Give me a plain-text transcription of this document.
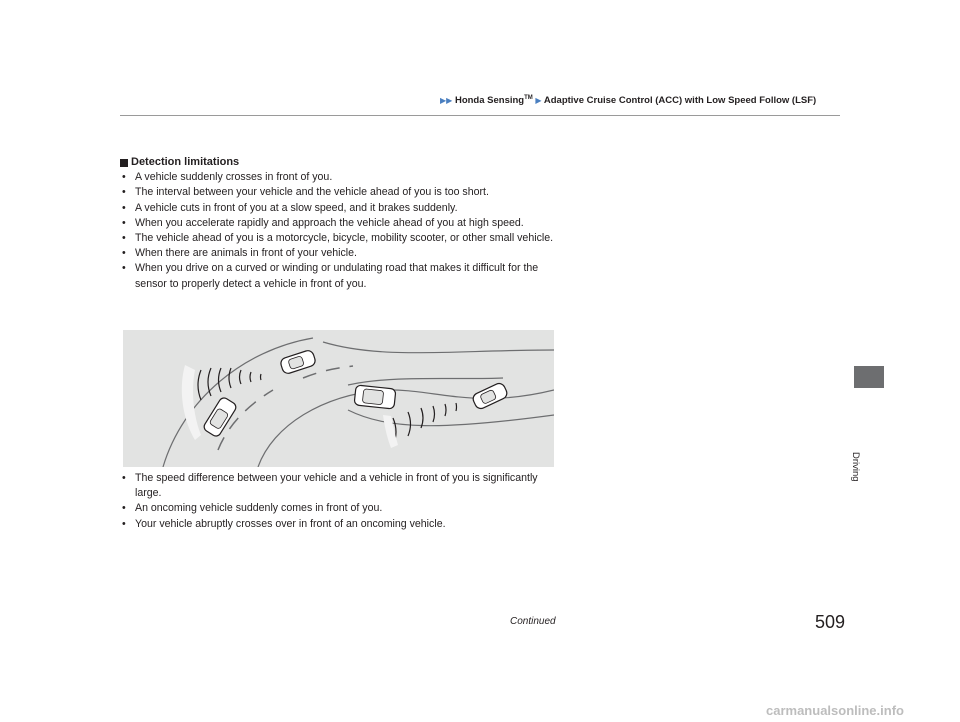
▶▶ Honda Sensing™ ▶ Adaptive Cruise Control (ACC) with Low Speed Follow (LSF)
Driving
Detection limitations
• A vehicle suddenly crosses in front of you.
• The interval between your vehicle and the vehicle ahead of you is too short.
• A vehicle cuts in front of you at a slow speed, and it brakes suddenly.
• When you accelerate rapidly and approach the vehicle ahead of you at high speed.
• The vehicle ahead of you is a motorcycle, bicycle, mobility scooter, or other small vehicle.
• When there are animals in front of your vehicle.
• When you drive on a curved or winding or undulating road that makes it difficult for the sensor to properly detect a vehicle in front of you.
• The speed difference between your vehicle and a vehicle in front of you is significantly large.
• An oncoming vehicle suddenly comes in front of you.
• Your vehicle abruptly crosses over in front of an oncoming vehicle.
Continued	509
carmanualsonline.info
